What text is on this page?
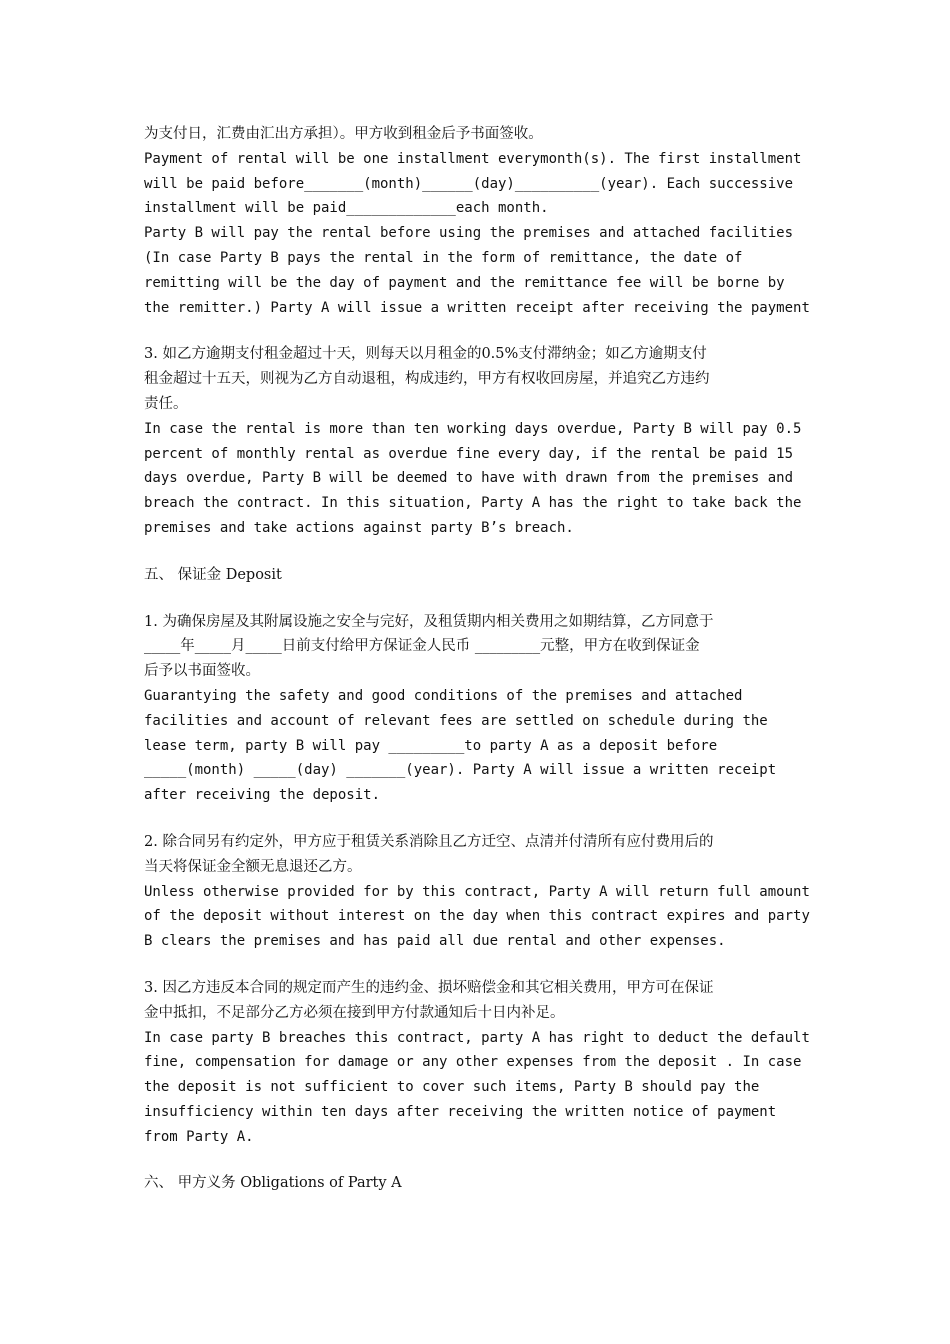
为支付日，汇费由汇出方承担）。甲方收到租金后予书面签收。

Payment of rental will be one installment everymonth(s). The first installment

will be paid before_______(month)______(day)__________(year). Each successive

installment will be paid_____________each month.

Party B will pay the rental before using the premises and attached facilities

(In case Party B pays the rental in the form of remittance, the date of

remitting will be the day of payment and the remittance fee will be borne by

the remitter.) Party A will issue a written receipt after receiving the payment

3. 如乙方逾期支付租金超过十天，则每天以月租金的0.5%支付滞纳金；如乙方逾期支付

租金超过十五天，则视为乙方自动退租，构成违约，甲方有权收回房屋，并追究乙方违约

责任。

In case the rental is more than ten working days overdue, Party B will pay 0.5

percent of monthly rental as overdue fine every day, if the rental be paid 15

days overdue, Party B will be deemed to have with drawn from the premises and

breach the contract. In this situation, Party A has the right to take back the

premises and take actions against party B’s breach.

五、 保证金 Deposit

1. 为确保房屋及其附属设施之安全与完好，及租赁期内相关费用之如期结算，乙方同意于

_____年_____月_____日前支付给甲方保证金人民币 _________元整，甲方在收到保证金

后予以书面签收。

Guarantying the safety and good conditions of the premises and attached

facilities and account of relevant fees are settled on schedule during the

lease term, party B will pay _________to party A as a deposit before

_____(month) _____(day) _______(year). Party A will issue a written receipt

after receiving the deposit.

2. 除合同另有约定外，甲方应于租赁关系消除且乙方迁空、点清并付清所有应付费用后的

当天将保证金全额无息退还乙方。

Unless otherwise provided for by this contract, Party A will return full amount

of the deposit without interest on the day when this contract expires and party

B clears the premises and has paid all due rental and other expenses.

3. 因乙方违反本合同的规定而产生的违约金、损坏赔偿金和其它相关费用，甲方可在保证

金中抵扣，不足部分乙方必须在接到甲方付款通知后十日内补足。

In case party B breaches this contract, party A has right to deduct the default

fine, compensation for damage or any other expenses from the deposit . In case

the deposit is not sufficient to cover such items, Party B should pay the

insufficiency within ten days after receiving the written notice of payment

from Party A.

六、 甲方义务 Obligations of Party A
